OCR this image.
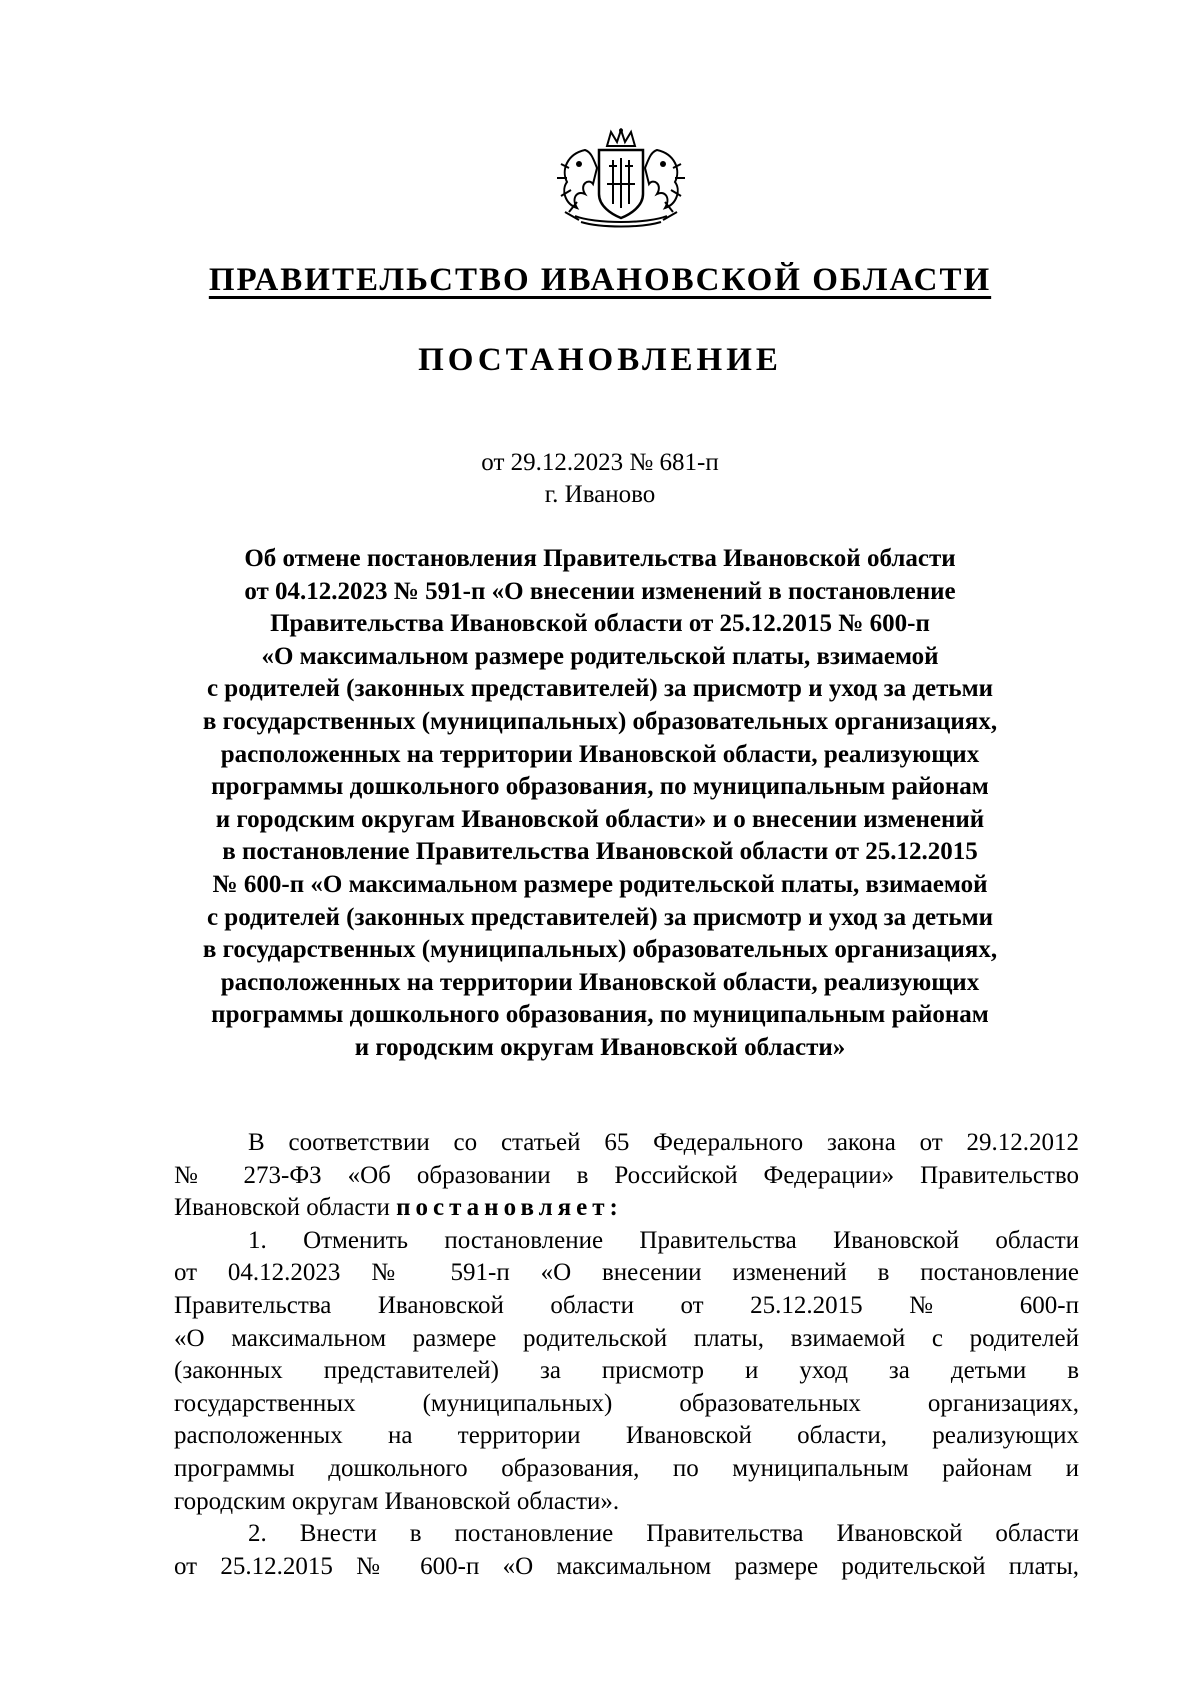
ПРАВИТЕЛЬСТВО ИВАНОВСКОЙ ОБЛАСТИ
ПОСТАНОВЛЕНИЕ
от 29.12.2023 № 681-п
г. Иваново
Об отмене постановления Правительства Ивановской области
от 04.12.2023 № 591-п «О внесении изменений в постановление
Правительства Ивановской области от 25.12.2015 № 600-п
«О максимальном размере родительской платы, взимаемой
с родителей (законных представителей) за присмотр и уход за детьми
в государственных (муниципальных) образовательных организациях,
расположенных на территории Ивановской области, реализующих
программы дошкольного образования, по муниципальным районам
и городским округам Ивановской области» и о внесении изменений
в постановление Правительства Ивановской области от 25.12.2015
№ 600-п «О максимальном размере родительской платы, взимаемой
с родителей (законных представителей) за присмотр и уход за детьми
в государственных (муниципальных) образовательных организациях,
расположенных на территории Ивановской области, реализующих
программы дошкольного образования, по муниципальным районам
и городским округам Ивановской области»
В соответствии со статьей 65 Федерального закона от 29.12.2012
№ 273-ФЗ «Об образовании в Российской Федерации» Правительство
Ивановской области постановляет:
1. Отменить постановление Правительства Ивановской области
от 04.12.2023 № 591-п «О внесении изменений в постановление
Правительства Ивановской области от 25.12.2015 № 600-п
«О максимальном размере родительской платы, взимаемой с родителей
(законных представителей) за присмотр и уход за детьми в
государственных (муниципальных) образовательных организациях,
расположенных на территории Ивановской области, реализующих
программы дошкольного образования, по муниципальным районам и
городским округам Ивановской области».
2. Внести в постановление Правительства Ивановской области
от 25.12.2015 № 600-п «О максимальном размере родительской платы,
